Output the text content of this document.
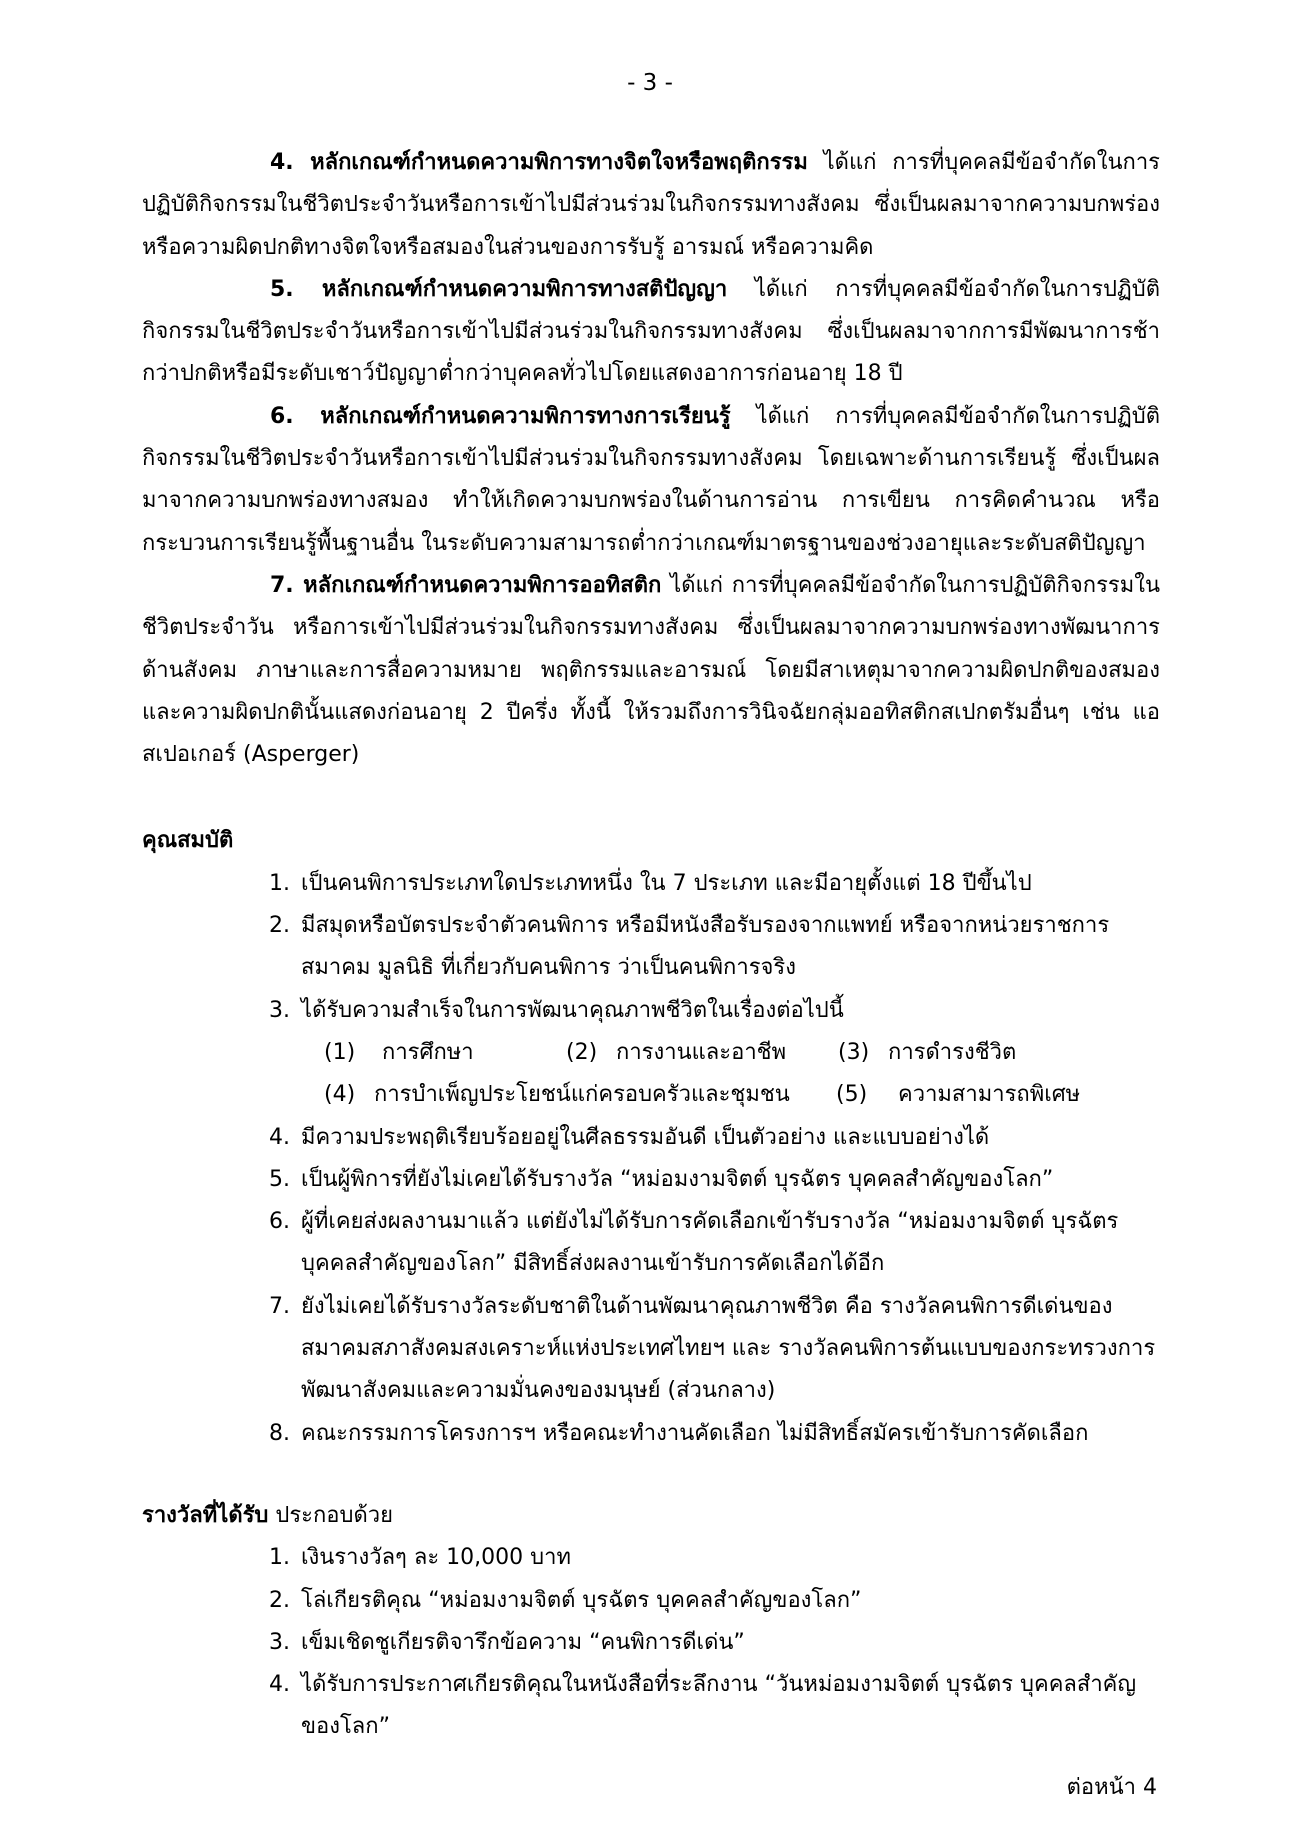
- 3 -

4. หลักเกณฑ์กำหนดความพิการทางจิตใจหรือพฤติกรรม ได้แก่ การที่บุคคลมีข้อจำกัดในการปฏิบัติกิจกรรมในชีวิตประจำวันหรือการเข้าไปมีส่วนร่วมในกิจกรรมทางสังคม ซึ่งเป็นผลมาจากความบกพร่องหรือความผิดปกติทางจิตใจหรือสมองในส่วนของการรับรู้ อารมณ์ หรือความคิด

5. หลักเกณฑ์กำหนดความพิการทางสติปัญญา ได้แก่ การที่บุคคลมีข้อจำกัดในการปฏิบัติกิจกรรมในชีวิตประจำวันหรือการเข้าไปมีส่วนร่วมในกิจกรรมทางสังคม ซึ่งเป็นผลมาจากการมีพัฒนาการช้ากว่าปกติหรือมีระดับเชาว์ปัญญาต่ำกว่าบุคคลทั่วไปโดยแสดงอาการก่อนอายุ 18 ปี

6. หลักเกณฑ์กำหนดความพิการทางการเรียนรู้ ได้แก่ การที่บุคคลมีข้อจำกัดในการปฏิบัติกิจกรรมในชีวิตประจำวันหรือการเข้าไปมีส่วนร่วมในกิจกรรมทางสังคม โดยเฉพาะด้านการเรียนรู้ ซึ่งเป็นผลมาจากความบกพร่องทางสมอง ทำให้เกิดความบกพร่องในด้านการอ่าน การเขียน การคิดคำนวณ หรือกระบวนการเรียนรู้พื้นฐานอื่น ในระดับความสามารถต่ำกว่าเกณฑ์มาตรฐานของช่วงอายุและระดับสติปัญญา

7. หลักเกณฑ์กำหนดความพิการออทิสติก ได้แก่ การที่บุคคลมีข้อจำกัดในการปฏิบัติกิจกรรมในชีวิตประจำวัน หรือการเข้าไปมีส่วนร่วมในกิจกรรมทางสังคม ซึ่งเป็นผลมาจากความบกพร่องทางพัฒนาการด้านสังคม ภาษาและการสื่อความหมาย พฤติกรรมและอารมณ์ โดยมีสาเหตุมาจากความผิดปกติของสมอง และความผิดปกตินั้นแสดงก่อนอายุ 2 ปีครึ่ง ทั้งนี้ ให้รวมถึงการวินิจฉัยกลุ่มออทิสติกสเปกตรัมอื่นๆ เช่น แอสเปอเกอร์ (Asperger)

คุณสมบัติ

1. เป็นคนพิการประเภทใดประเภทหนึ่ง ใน 7 ประเภท และมีอายุตั้งแต่ 18 ปีขึ้นไป
2. มีสมุดหรือบัตรประจำตัวคนพิการ หรือมีหนังสือรับรองจากแพทย์ หรือจากหน่วยราชการ สมาคม มูลนิธิ ที่เกี่ยวกับคนพิการ ว่าเป็นคนพิการจริง
3. ได้รับความสำเร็จในการพัฒนาคุณภาพชีวิตในเรื่องต่อไปนี้
(1)	การศึกษา	(2) การงานและอาชีพ	(3) การดำรงชีวิต
(4) การบำเพ็ญประโยชน์แก่ครอบครัวและชุมชน	(5)	ความสามารถพิเศษ
4. มีความประพฤติเรียบร้อยอยู่ในศีลธรรมอันดี เป็นตัวอย่าง และแบบอย่างได้
5. เป็นผู้พิการที่ยังไม่เคยได้รับรางวัล “หม่อมงามจิตต์ บุรฉัตร บุคคลสำคัญของโลก”
6. ผู้ที่เคยส่งผลงานมาแล้ว แต่ยังไม่ได้รับการคัดเลือกเข้ารับรางวัล “หม่อมงามจิตต์ บุรฉัตร บุคคลสำคัญของโลก” มีสิทธิ์ส่งผลงานเข้ารับการคัดเลือกได้อีก
7. ยังไม่เคยได้รับรางวัลระดับชาติในด้านพัฒนาคุณภาพชีวิต คือ รางวัลคนพิการดีเด่นของสมาคมสภาสังคมสงเคราะห์แห่งประเทศไทยฯ และ รางวัลคนพิการต้นแบบของกระทรวงการพัฒนาสังคมและความมั่นคงของมนุษย์ (ส่วนกลาง)
8. คณะกรรมการโครงการฯ หรือคณะทำงานคัดเลือก ไม่มีสิทธิ์สมัครเข้ารับการคัดเลือก

รางวัลที่ได้รับ ประกอบด้วย

1. เงินรางวัลๆ ละ 10,000 บาท
2. โล่เกียรติคุณ “หม่อมงามจิตต์ บุรฉัตร บุคคลสำคัญของโลก”
3. เข็มเชิดชูเกียรติจารึกข้อความ “คนพิการดีเด่น”
4. ได้รับการประกาศเกียรติคุณในหนังสือที่ระลึกงาน “วันหม่อมงามจิตต์ บุรฉัตร บุคคลสำคัญของโลก”
ต่อหน้า 4
